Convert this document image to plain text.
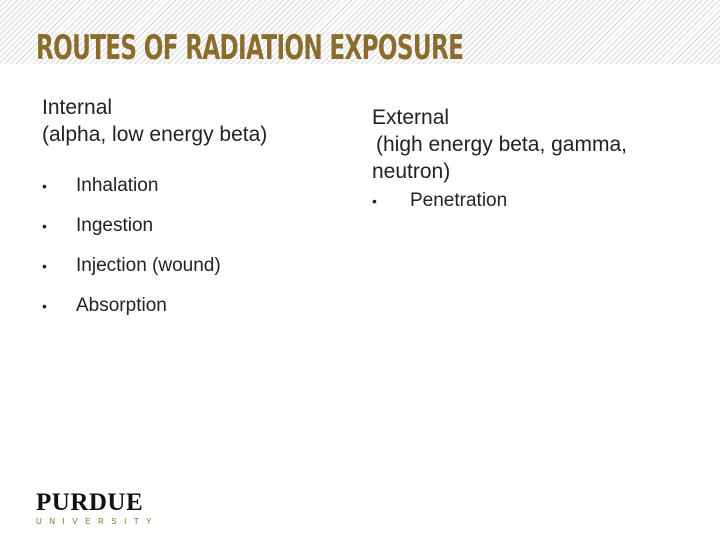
ROUTES OF RADIATION EXPOSURE
Internal
(alpha, low energy beta)
• Inhalation
• Ingestion
• Injection (wound)
• Absorption
External
(high energy beta, gamma,
neutron)
• Penetration
PURDUE
UNIVERSITY
